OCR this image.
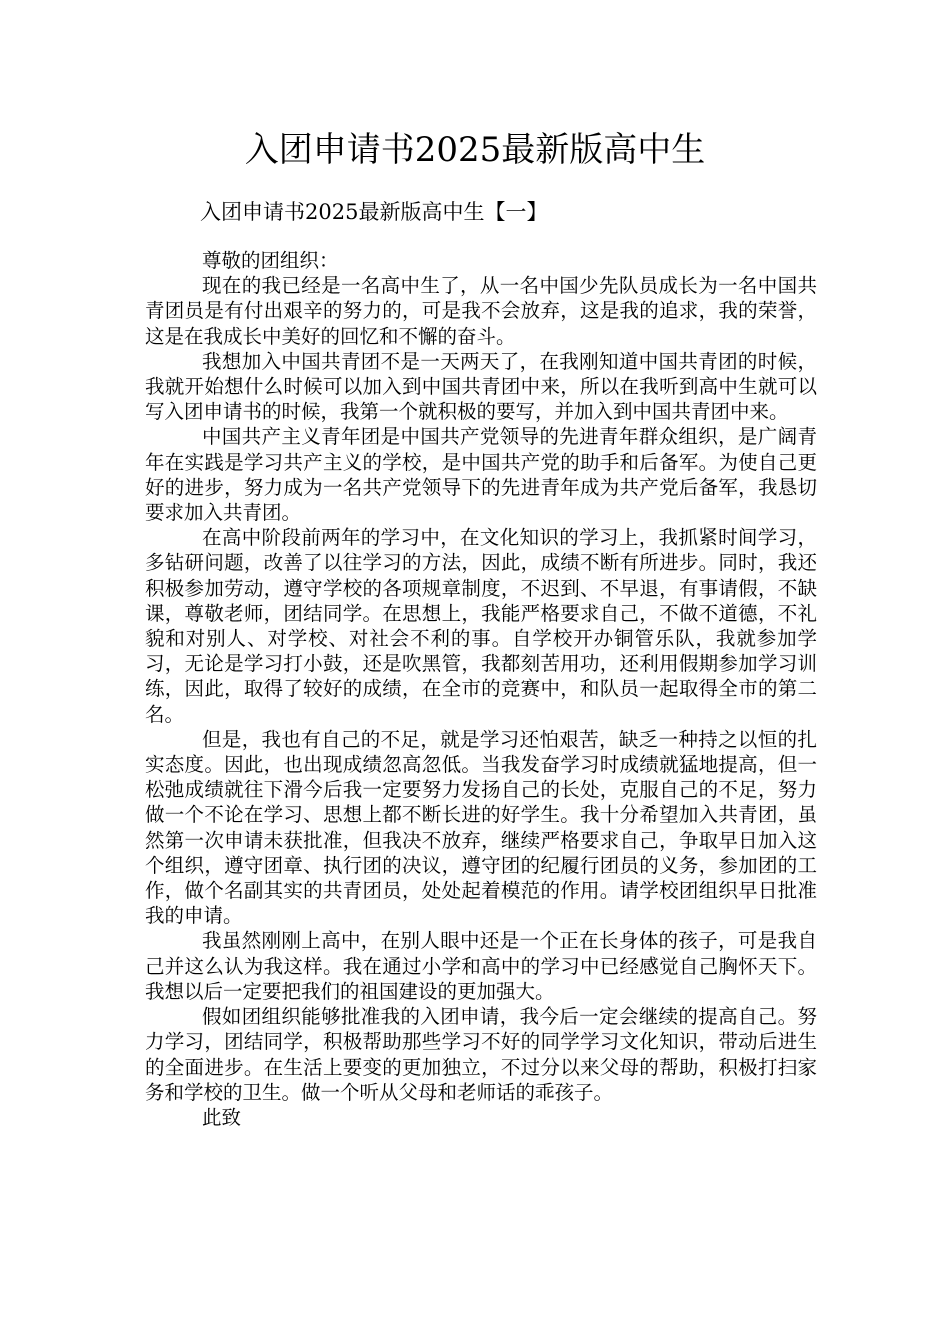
入团申请书2025最新版高中生

入团申请书2025最新版高中生【一】

尊敬的团组织：

现在的我已经是一名高中生了，从一名中国少先队员成长为一名中国共青团员是有付出艰辛的努力的，可是我不会放弃，这是我的追求，我的荣誉，这是在我成长中美好的回忆和不懈的奋斗。

我想加入中国共青团不是一天两天了，在我刚知道中国共青团的时候，我就开始想什么时候可以加入到中国共青团中来，所以在我听到高中生就可以写入团申请书的时候，我第一个就积极的要写，并加入到中国共青团中来。

中国共产主义青年团是中国共产党领导的先进青年群众组织，是广阔青年在实践是学习共产主义的学校，是中国共产党的助手和后备军。为使自己更好的进步，努力成为一名共产党领导下的先进青年成为共产党后备军，我恳切要求加入共青团。

在高中阶段前两年的学习中，在文化知识的学习上，我抓紧时间学习，多钻研问题，改善了以往学习的方法，因此，成绩不断有所进步。同时，我还积极参加劳动，遵守学校的各项规章制度，不迟到、不早退，有事请假，不缺课，尊敬老师，团结同学。在思想上，我能严格要求自己，不做不道德，不礼貌和对别人、对学校、对社会不利的事。自学校开办铜管乐队，我就参加学习，无论是学习打小鼓，还是吹黑管，我都刻苦用功，还利用假期参加学习训练，因此，取得了较好的成绩，在全市的竞赛中，和队员一起取得全市的第二名。

但是，我也有自己的不足，就是学习还怕艰苦，缺乏一种持之以恒的扎实态度。因此，也出现成绩忽高忽低。当我发奋学习时成绩就猛地提高，但一松弛成绩就往下滑今后我一定要努力发扬自己的长处，克服自己的不足，努力做一个不论在学习、思想上都不断长进的好学生。我十分希望加入共青团，虽然第一次申请未获批准，但我决不放弃，继续严格要求自己，争取早日加入这个组织，遵守团章、执行团的决议，遵守团的纪履行团员的义务，参加团的工作，做个名副其实的共青团员，处处起着模范的作用。请学校团组织早日批准我的申请。

我虽然刚刚上高中，在别人眼中还是一个正在长身体的孩子，可是我自己并这么认为我这样。我在通过小学和高中的学习中已经感觉自己胸怀天下。我想以后一定要把我们的祖国建设的更加强大。

假如团组织能够批准我的入团申请，我今后一定会继续的提高自己。努力学习，团结同学，积极帮助那些学习不好的同学学习文化知识，带动后进生的全面进步。在生活上要变的更加独立，不过分以来父母的帮助，积极打扫家务和学校的卫生。做一个听从父母和老师话的乖孩子。

此致
